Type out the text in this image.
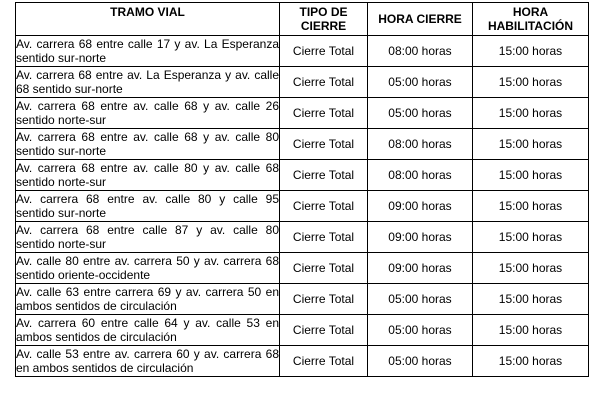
TRAMO VIAL	TIPO DE CIERRE	HORA CIERRE	HORA HABILITACIÓN
Av. carrera 68 entre calle 17 y av. La Esperanza sentido sur-norte	Cierre Total	08:00 horas	15:00 horas
Av. carrera 68 entre av. La Esperanza y av. calle 68 sentido sur-norte	Cierre Total	05:00 horas	15:00 horas
Av. carrera 68 entre av. calle 68 y av. calle 26 sentido norte-sur	Cierre Total	05:00 horas	15:00 horas
Av. carrera 68 entre av. calle 68 y av. calle 80 sentido sur-norte	Cierre Total	08:00 horas	15:00 horas
Av. carrera 68 entre av. calle 80 y av. calle 68 sentido norte-sur	Cierre Total	08:00 horas	15:00 horas
Av. carrera 68 entre av. calle 80 y calle 95 sentido sur-norte	Cierre Total	09:00 horas	15:00 horas
Av. carrera 68 entre calle 87 y av. calle 80 sentido norte-sur	Cierre Total	09:00 horas	15:00 horas
Av. calle 80 entre av. carrera 50 y av. carrera 68 sentido oriente-occidente	Cierre Total	09:00 horas	15:00 horas
Av. calle 63 entre carrera 69 y av. carrera 50 en ambos sentidos de circulación	Cierre Total	05:00 horas	15:00 horas
Av. carrera 60 entre calle 64 y av. calle 53 en ambos sentidos de circulación	Cierre Total	05:00 horas	15:00 horas
Av. calle 53 entre av. carrera 60 y av. carrera 68 en ambos sentidos de circulación	Cierre Total	05:00 horas	15:00 horas
